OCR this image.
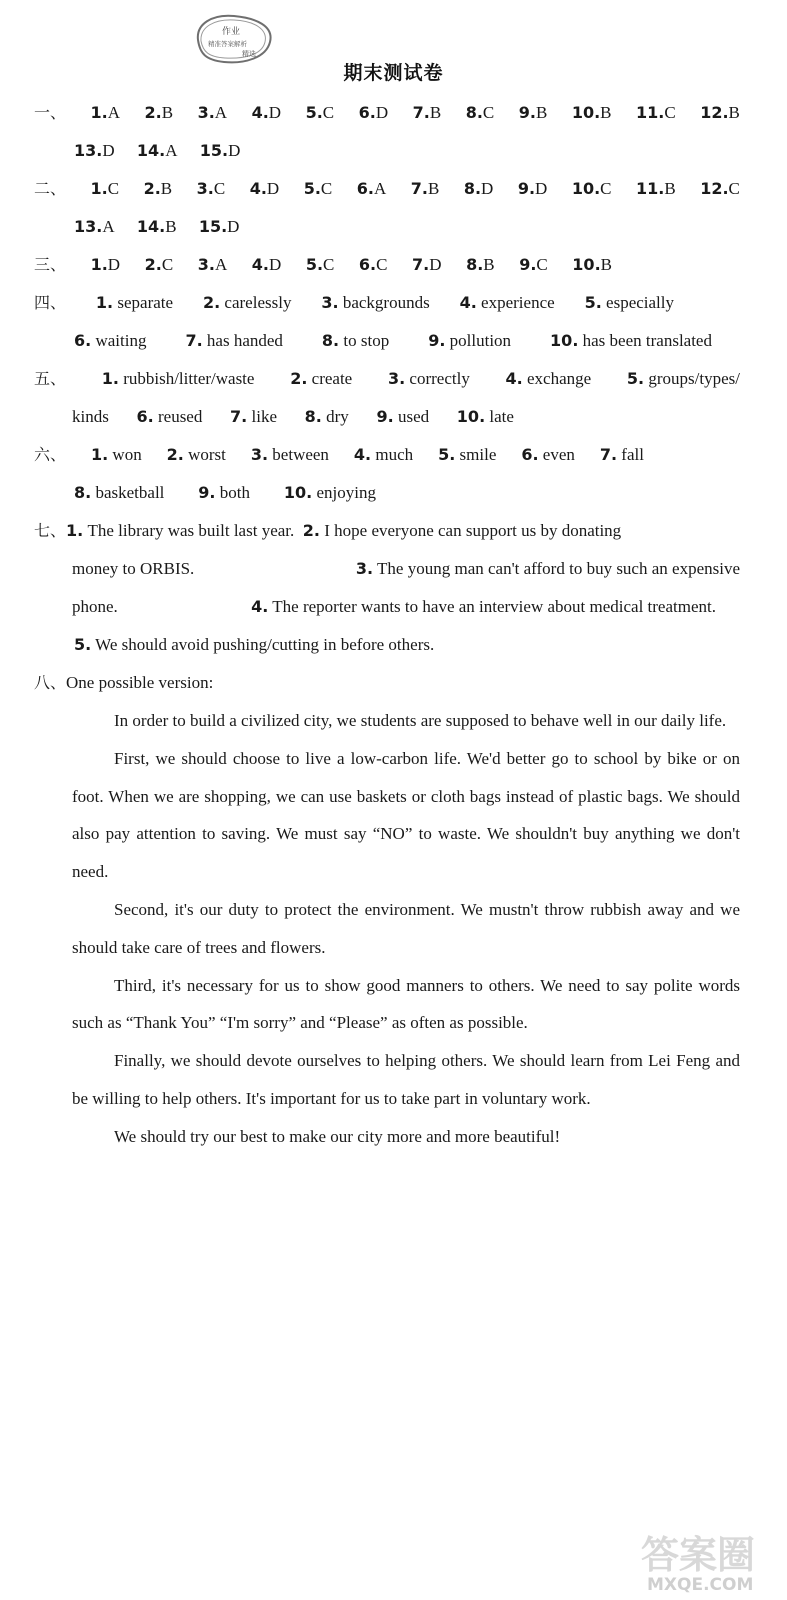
作业
精准答案解析
精选
期末测试卷
一、 1.A 2.B 3.A 4.D 5.C 6.D 7.B 8.C 9.B 10.B 11.C 12.B
13.D 14.A 15.D
二、 1.C 2.B 3.C 4.D 5.C 6.A 7.B 8.D 9.D 10.C 11.B 12.C
13.A 14.B 15.D
三、 1.D 2.C 3.A 4.D 5.C 6.C 7.D 8.B 9.C 10.B
四、 1. separate 2. carelessly 3. backgrounds 4. experience 5. especially
6. waiting 7. has handed 8. to stop 9. pollution 10. has been translated
五、 1. rubbish/litter/waste 2. create 3. correctly 4. exchange 5. groups/types/
kinds 6. reused 7. like 8. dry 9. used 10. late
六、 1. won 2. worst 3. between 4. much 5. smile 6. even 7. fall
8. basketball 9. both 10. enjoying
七、1. The library was built last year. 2. I hope everyone can support us by donating
money to ORBIS.	3. The young man can't afford to buy such an expensive
phone.	4. The reporter wants to have an interview about medical treatment.
5. We should avoid pushing/cutting in before others.
八、One possible version:

In order to build a civilized city, we students are supposed to behave well in our daily life.

First, we should choose to live a low-carbon life. We'd better go to school by bike or on foot. When we are shopping, we can use baskets or cloth bags instead of plastic bags. We should also pay attention to saving. We must say “NO” to waste. We shouldn't buy anything we don't need.

Second, it's our duty to protect the environment. We mustn't throw rubbish away and we should take care of trees and flowers.

Third, it's necessary for us to show good manners to others. We need to say polite words such as “Thank You” “I'm sorry” and “Please” as often as possible.

Finally, we should devote ourselves to helping others. We should learn from Lei Feng and be willing to help others. It's important for us to take part in voluntary work.

We should try our best to make our city more and more beautiful!

答案圈
MXQE.COM
